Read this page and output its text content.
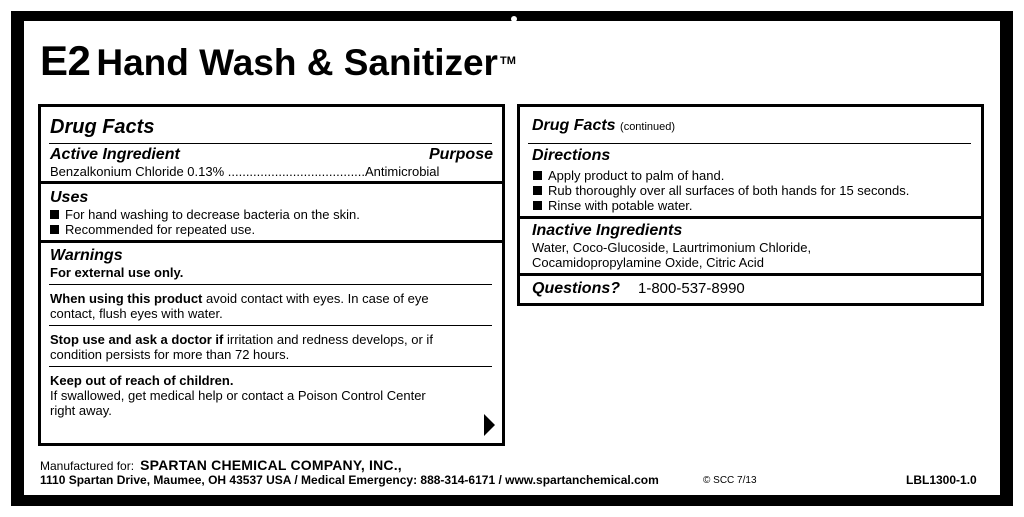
E2 Hand Wash & Sanitizer TM
Drug Facts
Active Ingredient	Purpose
Benzalkonium Chloride 0.13% ......................................Antimicrobial
Uses
For hand washing to decrease bacteria on the skin.
Recommended for repeated use.
Warnings
For external use only.
When using this product avoid contact with eyes. In case of eye
contact, flush eyes with water.
Stop use and ask a doctor if irritation and redness develops, or if
condition persists for more than 72 hours.
Keep out of reach of children.
If swallowed, get medical help or contact a Poison Control Center
right away.
Drug Facts (continued)
Directions
Apply product to palm of hand.
Rub thoroughly over all surfaces of both hands for 15 seconds.
Rinse with potable water.
Inactive Ingredients
Water, Coco-Glucoside, Laurtrimonium Chloride,
Cocamidopropylamine Oxide, Citric Acid
Questions? 1-800-537-8990
Manufactured for: SPARTAN CHEMICAL COMPANY, INC.,
1110 Spartan Drive, Maumee, OH 43537 USA / Medical Emergency: 888-314-6171 / www.spartanchemical.com	© SCC 7/13	LBL1300-1.0
